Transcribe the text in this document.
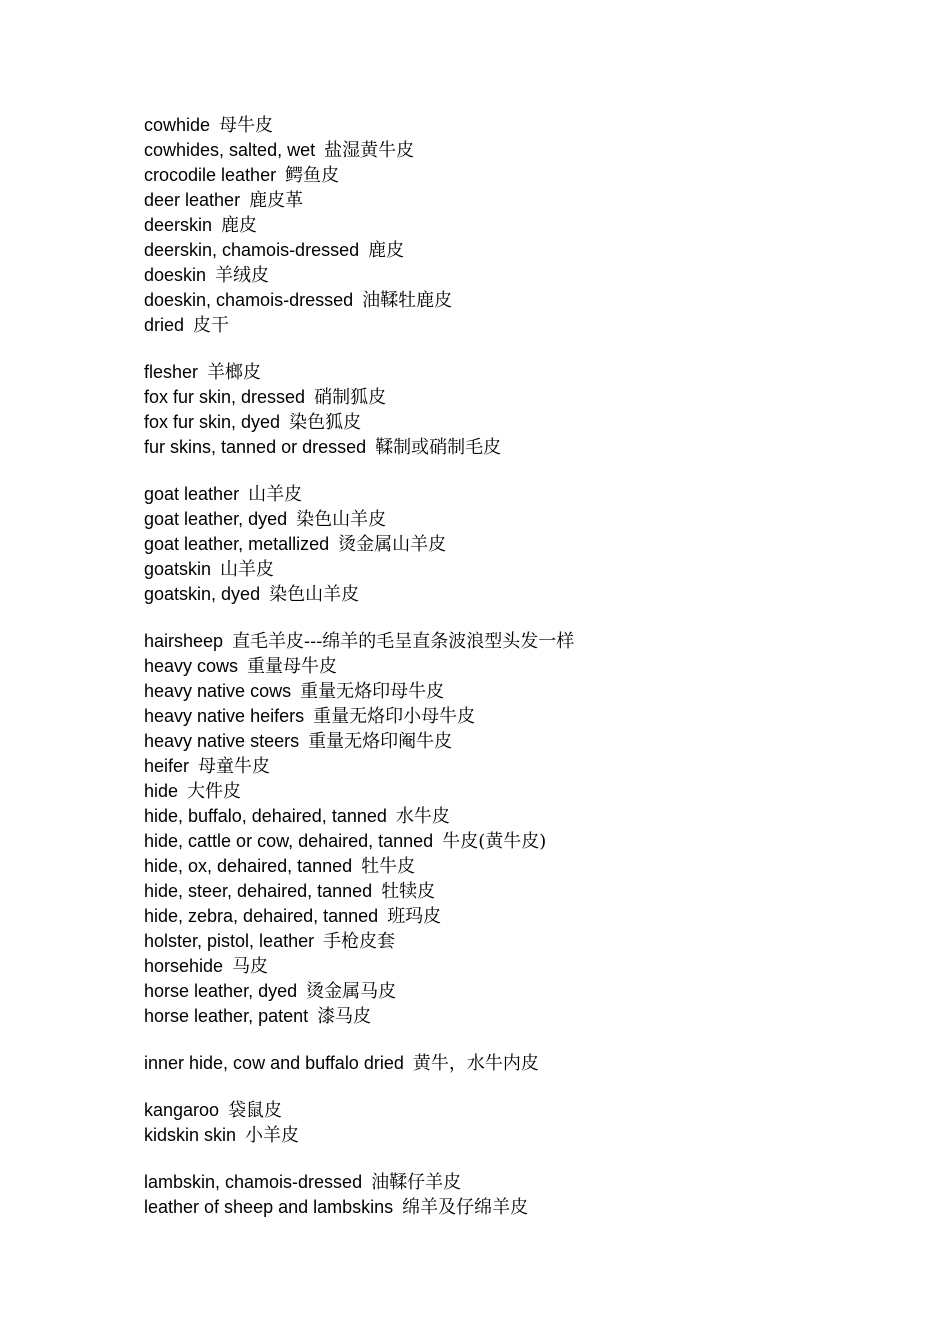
cowhide 母牛皮
cowhides, salted, wet 盐湿黄牛皮
crocodile leather 鳄鱼皮
deer leather 鹿皮革
deerskin 鹿皮
deerskin, chamois-dressed 鹿皮
doeskin 羊绒皮
doeskin, chamois-dressed 油鞣牡鹿皮
dried 皮干
flesher 羊榔皮
fox fur skin, dressed 硝制狐皮
fox fur skin, dyed 染色狐皮
fur skins, tanned or dressed 鞣制或硝制毛皮
goat leather 山羊皮
goat leather, dyed 染色山羊皮
goat leather, metallized 烫金属山羊皮
goatskin 山羊皮
goatskin, dyed 染色山羊皮
hairsheep 直毛羊皮---绵羊的毛呈直条波浪型头发一样
heavy cows 重量母牛皮
heavy native cows 重量无烙印母牛皮
heavy native heifers 重量无烙印小母牛皮
heavy native steers 重量无烙印阉牛皮
heifer 母童牛皮
hide 大件皮
hide, buffalo, dehaired, tanned 水牛皮
hide, cattle or cow, dehaired, tanned 牛皮(黄牛皮)
hide, ox, dehaired, tanned 牡牛皮
hide, steer, dehaired, tanned 牡犊皮
hide, zebra, dehaired, tanned 班玛皮
holster, pistol, leather 手枪皮套
horsehide 马皮
horse leather, dyed 烫金属马皮
horse leather, patent 漆马皮
inner hide, cow and buffalo dried 黄牛，水牛内皮
kangaroo 袋鼠皮
kidskin skin 小羊皮
lambskin, chamois-dressed 油鞣仔羊皮
leather of sheep and lambskins 绵羊及仔绵羊皮
